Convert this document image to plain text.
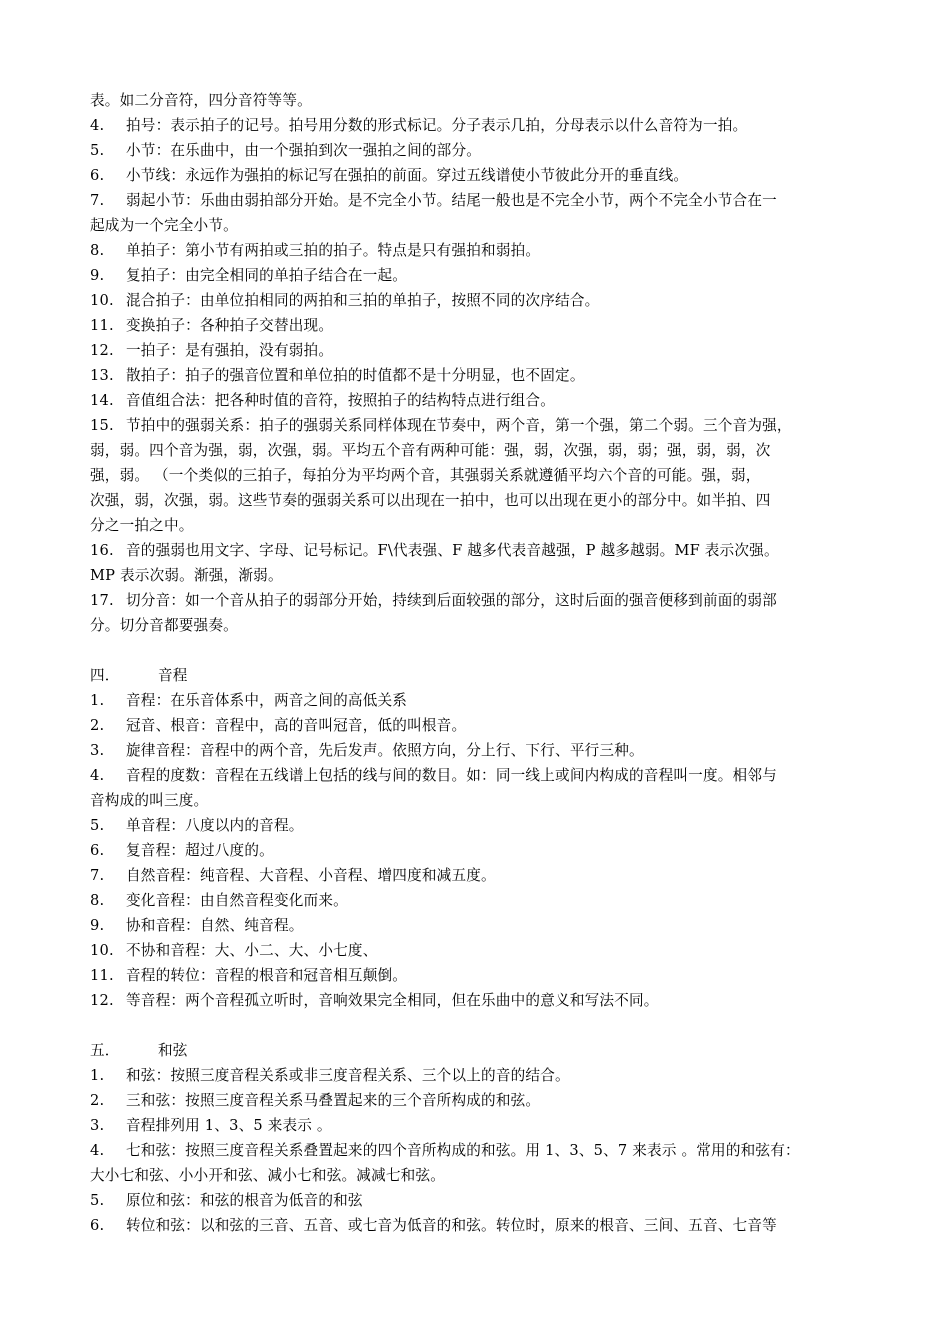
表。如二分音符，四分音符等等。
4.	拍号：表示拍子的记号。拍号用分数的形式标记。分子表示几拍，分母表示以什么音符为一拍。
5.	小节：在乐曲中，由一个强拍到次一强拍之间的部分。
6.	小节线：永远作为强拍的标记写在强拍的前面。穿过五线谱使小节彼此分开的垂直线。
7.	弱起小节：乐曲由弱拍部分开始。是不完全小节。结尾一般也是不完全小节，两个不完全小节合在一
起成为一个完全小节。
8.	单拍子：第小节有两拍或三拍的拍子。特点是只有强拍和弱拍。
9.	复拍子：由完全相同的单拍子结合在一起。
10. 混合拍子：由单位拍相同的两拍和三拍的单拍子，按照不同的次序结合。
11. 变换拍子：各种拍子交替出现。
12. 一拍子：是有强拍，没有弱拍。
13. 散拍子：拍子的强音位置和单位拍的时值都不是十分明显，也不固定。
14. 音值组合法：把各种时值的音符，按照拍子的结构特点进行组合。
15. 节拍中的强弱关系：拍子的强弱关系同样体现在节奏中，两个音，第一个强，第二个弱。三个音为强，
弱，弱。四个音为强，弱，次强，弱。平均五个音有两种可能：强，弱，次强，弱，弱；强，弱，弱，次
强，弱。 （一个类似的三拍子，每拍分为平均两个音，其强弱关系就遵循平均六个音的可能。强，弱，
次强，弱，次强，弱。这些节奏的强弱关系可以出现在一拍中，也可以出现在更小的部分中。如半拍、四
分之一拍之中。
16. 音的强弱也用文字、字母、记号标记。F\代表强、F 越多代表音越强，P 越多越弱。MF 表示次强。
MP 表示次弱。渐强，渐弱。
17. 切分音：如一个音从拍子的弱部分开始，持续到后面较强的部分，这时后面的强音便移到前面的弱部
分。切分音都要强奏。
四．	音程
1.	音程：在乐音体系中，两音之间的高低关系
2.	冠音、根音：音程中，高的音叫冠音，低的叫根音。
3.	旋律音程：音程中的两个音，先后发声。依照方向，分上行、下行、平行三种。
4.	音程的度数：音程在五线谱上包括的线与间的数目。如：同一线上或间内构成的音程叫一度。相邻与
音构成的叫三度。
5.	单音程：八度以内的音程。
6.	复音程：超过八度的。
7.	自然音程：纯音程、大音程、小音程、增四度和减五度。
8.	变化音程：由自然音程变化而来。
9.	协和音程：自然、纯音程。
10. 不协和音程：大、小二、大、小七度、
11. 音程的转位：音程的根音和冠音相互颠倒。
12. 等音程：两个音程孤立听时，音响效果完全相同，但在乐曲中的意义和写法不同。
五．	和弦
1.	和弦：按照三度音程关系或非三度音程关系、三个以上的音的结合。
2.	三和弦：按照三度音程关系马叠置起来的三个音所构成的和弦。
3.	音程排列用 1、3、5 来表示 。
4.	七和弦：按照三度音程关系叠置起来的四个音所构成的和弦。用 1、3、5、7 来表示 。常用的和弦有：
大小七和弦、小小开和弦、减小七和弦。减减七和弦。
5.	原位和弦：和弦的根音为低音的和弦
6.	转位和弦：以和弦的三音、五音、或七音为低音的和弦。转位时，原来的根音、三间、五音、七音等
